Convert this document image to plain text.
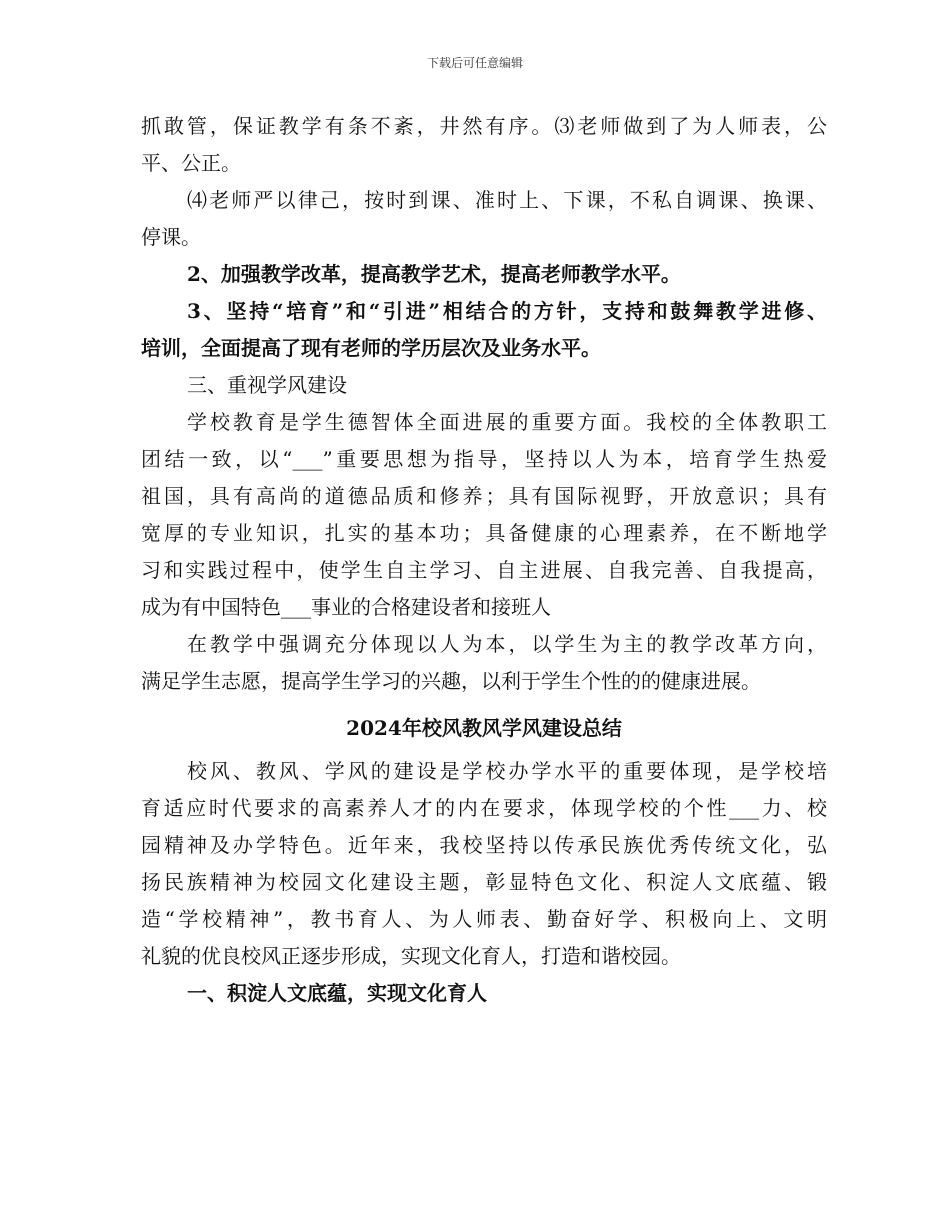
下载后可任意编辑
抓敢管，保证教学有条不紊，井然有序。⑶老师做到了为人师表，公
平、公正。
⑷老师严以律己，按时到课、准时上、下课，不私自调课、换课、
停课。
2、加强教学改革，提高教学艺术，提高老师教学水平。
3、坚持“培育”和“引进”相结合的方针，支持和鼓舞教学进修、
培训，全面提高了现有老师的学历层次及业务水平。
三、重视学风建设
学校教育是学生德智体全面进展的重要方面。我校的全体教职工
团结一致，以“___”重要思想为指导，坚持以人为本，培育学生热爱
祖国，具有高尚的道德品质和修养；具有国际视野，开放意识；具有
宽厚的专业知识，扎实的基本功；具备健康的心理素养，在不断地学
习和实践过程中，使学生自主学习、自主进展、自我完善、自我提高，
成为有中国特色___事业的合格建设者和接班人
在教学中强调充分体现以人为本，以学生为主的教学改革方向，
满足学生志愿，提高学生学习的兴趣，以利于学生个性的的健康进展。
2024年校风教风学风建设总结
校风、教风、学风的建设是学校办学水平的重要体现，是学校培
育适应时代要求的高素养人才的内在要求，体现学校的个性___力、校
园精神及办学特色。近年来，我校坚持以传承民族优秀传统文化，弘
扬民族精神为校园文化建设主题，彰显特色文化、积淀人文底蕴、锻
造“学校精神”，教书育人、为人师表、勤奋好学、积极向上、文明
礼貌的优良校风正逐步形成，实现文化育人，打造和谐校园。
一、积淀人文底蕴，实现文化育人
